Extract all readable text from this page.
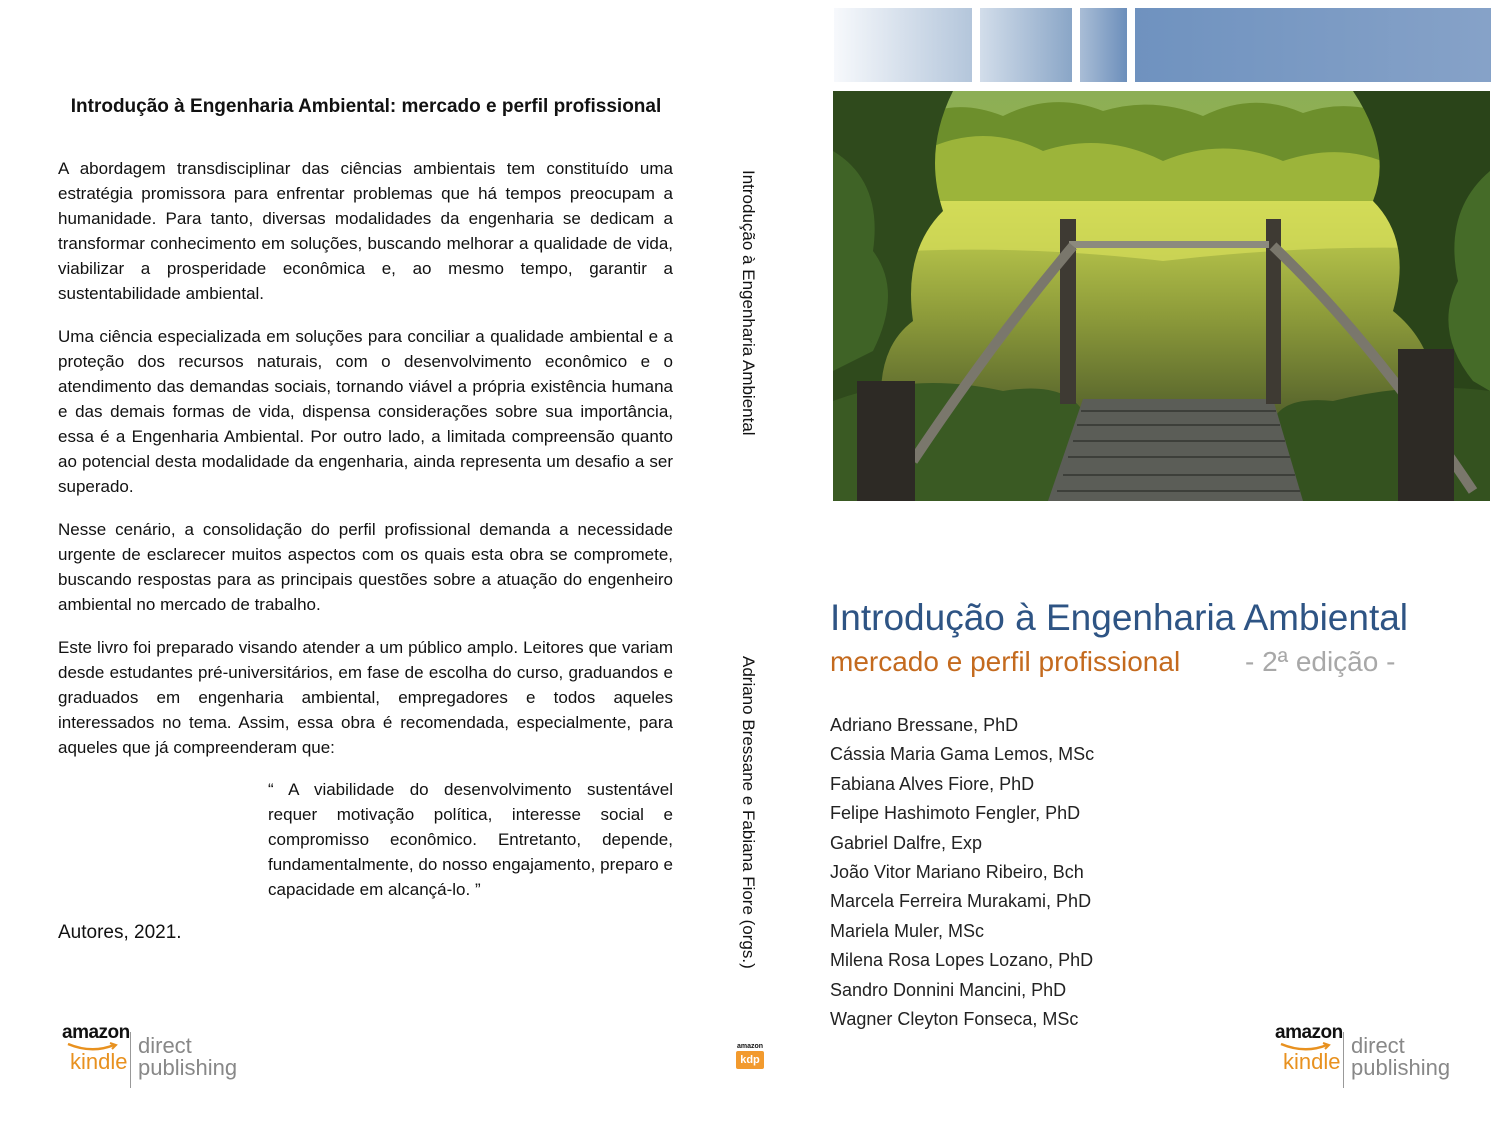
Introdução à Engenharia Ambiental: mercado e perfil profissional

A abordagem transdisciplinar das ciências ambientais tem constituído uma estratégia promissora para enfrentar problemas que há tempos preocupam a humanidade. Para tanto, diversas modalidades da engenharia se dedicam a transformar conhecimento em soluções, buscando melhorar a qualidade de vida, viabilizar a prosperidade econômica e, ao mesmo tempo, garantir a sustentabilidade ambiental.

Uma ciência especializada em soluções para conciliar a qualidade ambiental e a proteção dos recursos naturais, com o desenvolvimento econômico e o atendimento das demandas sociais, tornando viável a própria existência humana e das demais formas de vida, dispensa considerações sobre sua importância, essa é a Engenharia Ambiental. Por outro lado, a limitada compreensão quanto ao potencial desta modalidade da engenharia, ainda representa um desafio a ser superado.

Nesse cenário, a consolidação do perfil profissional demanda a necessidade urgente de esclarecer muitos aspectos com os quais esta obra se compromete, buscando respostas para as principais questões sobre a atuação do engenheiro ambiental no mercado de trabalho.

Este livro foi preparado visando atender a um público amplo. Leitores que variam desde estudantes pré-universitários, em fase de escolha do curso, graduandos e graduados em engenharia ambiental, empregadores e todos aqueles interessados no tema. Assim, essa obra é recomendada, especialmente, para aqueles que já compreenderam que:

“ A viabilidade do desenvolvimento sustentável requer motivação política, interesse social e compromisso econômico. Entretanto, depende, fundamentalmente, do nosso engajamento, preparo e capacidade em alcançá-lo. ”
Autores, 2021.
amazon
kindle
direct
publishing
Introdução à Engenharia Ambiental
Adriano Bressane e Fabiana Fiore (orgs.)
amazon
kdp
Introdução à Engenharia Ambiental
mercado e perfil profissional - 2ª edição -
Adriano Bressane, PhD
Cássia Maria Gama Lemos, MSc
Fabiana Alves Fiore, PhD
Felipe Hashimoto Fengler, PhD
Gabriel Dalfre, Exp
João Vitor Mariano Ribeiro, Bch
Marcela Ferreira Murakami, PhD
Mariela Muler, MSc
Milena Rosa Lopes Lozano, PhD
Sandro Donnini Mancini, PhD
Wagner Cleyton Fonseca, MSc
amazon
kindle
direct
publishing
